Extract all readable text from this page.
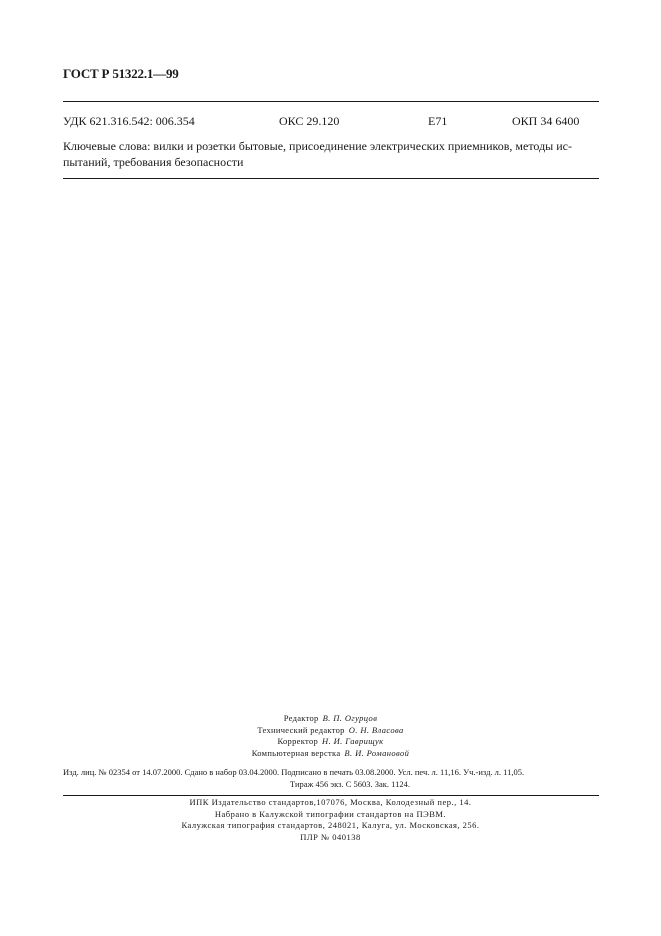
ГОСТ Р 51322.1—99
УДК 621.316.542: 006.354	ОКС 29.120	Е71	ОКП 34 6400
Ключевые слова: вилки и розетки бытовые, присоединение электрических приемников, методы ис-
пытаний, требования безопасности
Редактор В. П. Огурцов
Технический редактор О. Н. Власова
Корректор Н. И. Гаврищук
Компьютерная верстка В. И. Романовой
Изд. лиц. № 02354 от 14.07.2000. Сдано в набор 03.04.2000. Подписано в печать 03.08.2000. Усл. печ. л. 11,16. Уч.-изд. л. 11,05.
Тираж 456 экз. С 5603. Зак. 1124.
ИПК Издательство стандартов,107076, Москва, Колодезный пер., 14.
Набрано в Калужской типографии стандартов на ПЭВМ.
Калужская типография стандартов, 248021, Калуга, ул. Московская, 256.
ПЛР № 040138
